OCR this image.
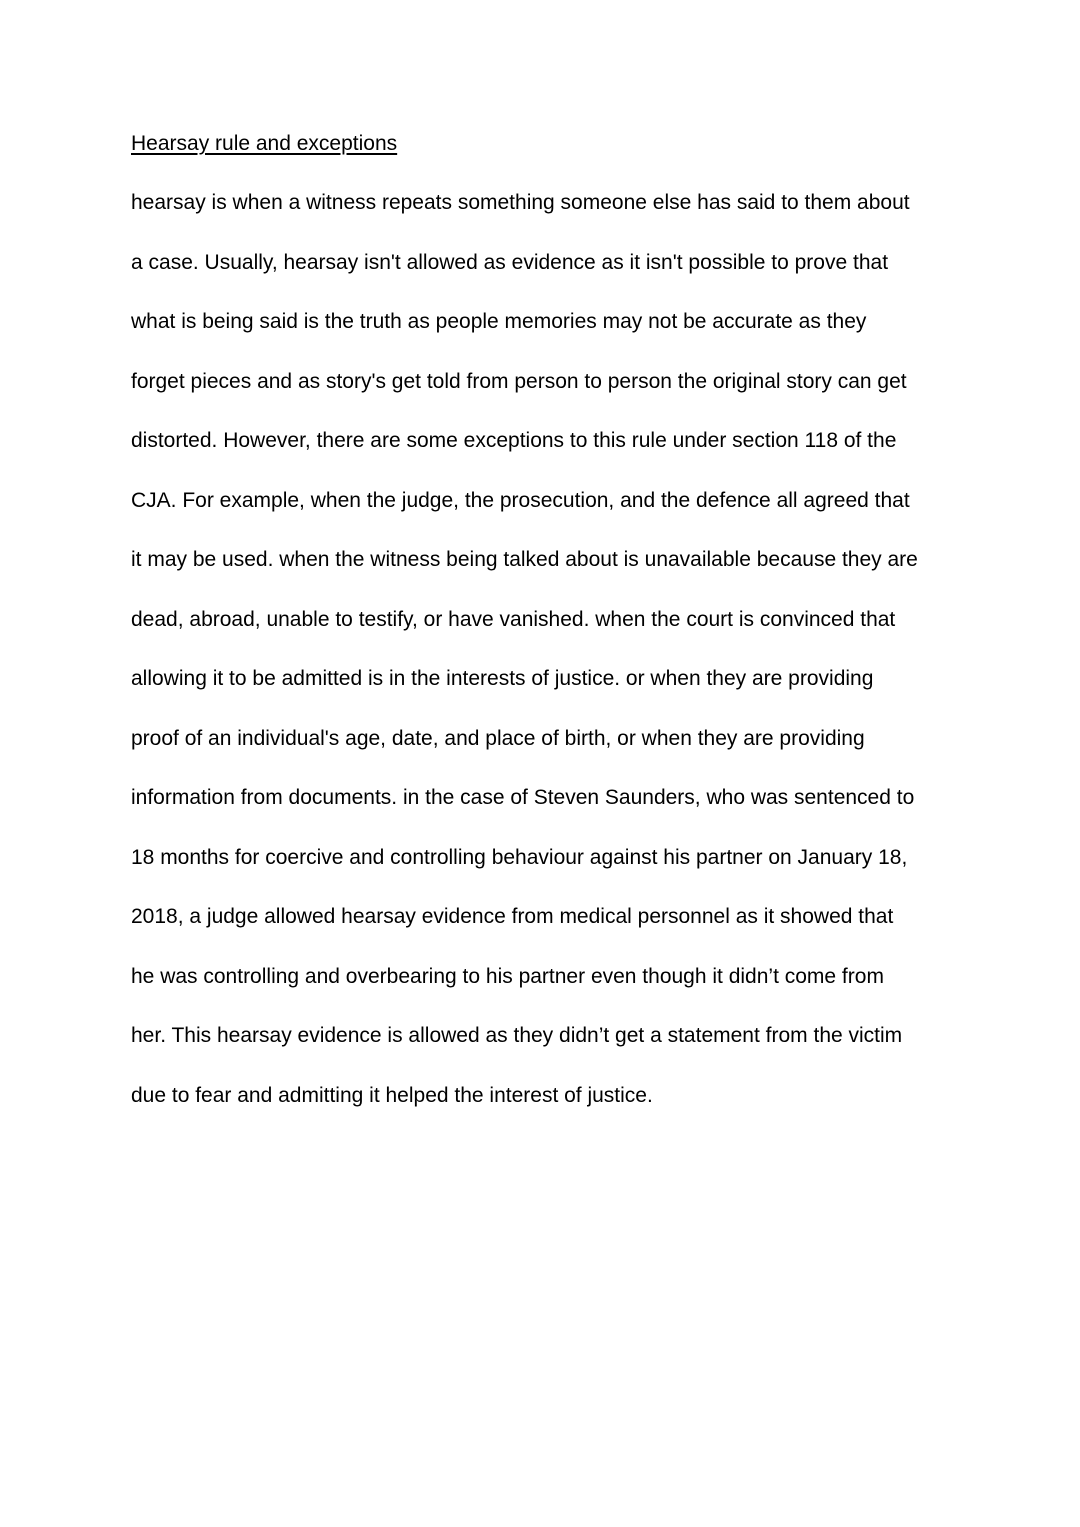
Hearsay rule and exceptions
hearsay is when a witness repeats something someone else has said to them about
a case. Usually, hearsay isn't allowed as evidence as it isn't possible to prove that
what is being said is the truth as people memories may not be accurate as they
forget pieces and as story's get told from person to person the original story can get
distorted. However, there are some exceptions to this rule under section 118 of the
CJA. For example, when the judge, the prosecution, and the defence all agreed that
it may be used. when the witness being talked about is unavailable because they are
dead, abroad, unable to testify, or have vanished. when the court is convinced that
allowing it to be admitted is in the interests of justice. or when they are providing
proof of an individual's age, date, and place of birth, or when they are providing
information from documents. in the case of Steven Saunders, who was sentenced to
18 months for coercive and controlling behaviour against his partner on January 18,
2018, a judge allowed hearsay evidence from medical personnel as it showed that
he was controlling and overbearing to his partner even though it didn’t come from
her. This hearsay evidence is allowed as they didn’t get a statement from the victim
due to fear and admitting it helped the interest of justice.
